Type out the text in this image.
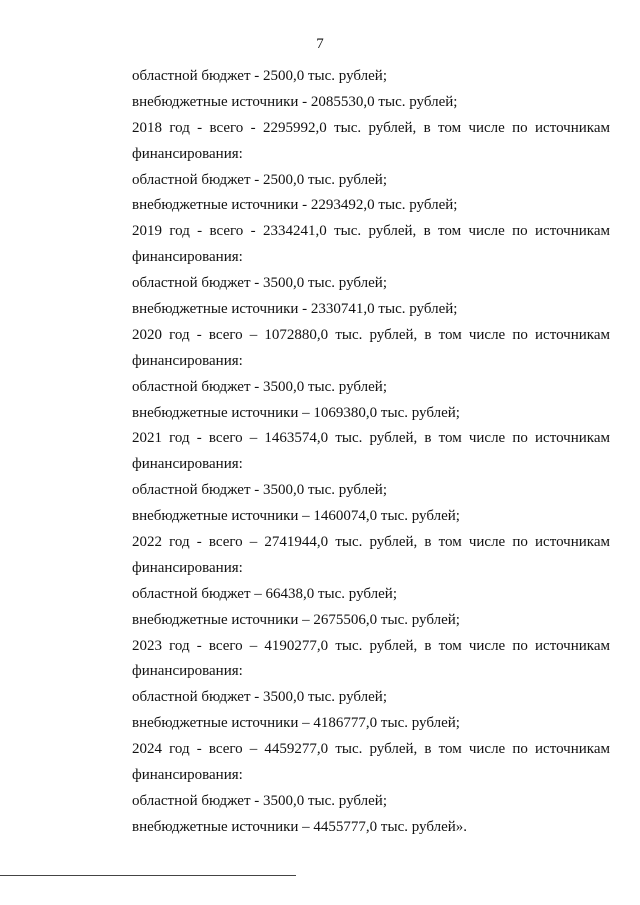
7
областной бюджет - 2500,0 тыс. рублей;
внебюджетные источники - 2085530,0 тыс. рублей;
2018 год - всего - 2295992,0 тыс. рублей, в том числе по источникам
финансирования:
областной бюджет - 2500,0 тыс. рублей;
внебюджетные источники - 2293492,0 тыс. рублей;
2019 год - всего - 2334241,0 тыс. рублей, в том числе по источникам
финансирования:
областной бюджет - 3500,0 тыс. рублей;
внебюджетные источники - 2330741,0 тыс. рублей;
2020 год - всего – 1072880,0 тыс. рублей, в том числе по источникам
финансирования:
областной бюджет - 3500,0 тыс. рублей;
внебюджетные источники – 1069380,0 тыс. рублей;
2021 год - всего – 1463574,0 тыс. рублей, в том числе по источникам
финансирования:
областной бюджет - 3500,0 тыс. рублей;
внебюджетные источники – 1460074,0 тыс. рублей;
2022 год - всего – 2741944,0 тыс. рублей, в том числе по источникам
финансирования:
областной бюджет – 66438,0 тыс. рублей;
внебюджетные источники – 2675506,0 тыс. рублей;
2023 год - всего – 4190277,0 тыс. рублей, в том числе по источникам
финансирования:
областной бюджет - 3500,0 тыс. рублей;
внебюджетные источники – 4186777,0 тыс. рублей;
2024 год - всего – 4459277,0 тыс. рублей, в том числе по источникам
финансирования:
областной бюджет - 3500,0 тыс. рублей;
внебюджетные источники – 4455777,0 тыс. рублей».
